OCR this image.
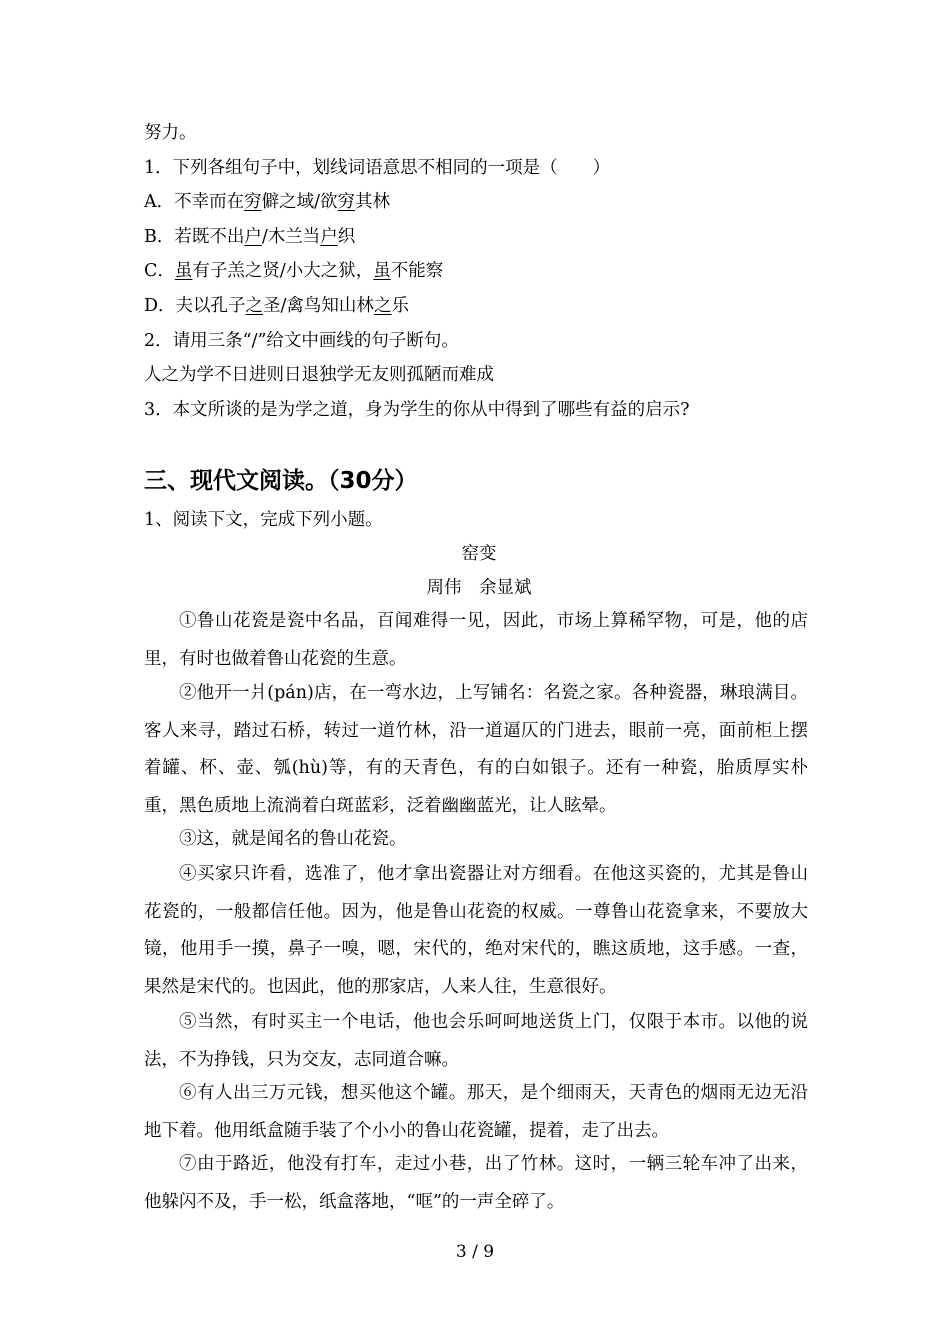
努力。
1．下列各组句子中，划线词语意思不相同的一项是（　　）
A．不幸而在穷僻之域/欲穷其林
B．若既不出户/木兰当户织
C．虽有子羔之贤/小大之狱，虽不能察
D．夫以孔子之圣/禽鸟知山林之乐
2．请用三条“/”给文中画线的句子断句。
人之为学不日进则日退独学无友则孤陋而难成
3．本文所谈的是为学之道，身为学生的你从中得到了哪些有益的启示?
三、现代文阅读。（30分）
1、阅读下文，完成下列小题。
窑变
周伟　余显斌
①鲁山花瓷是瓷中名品，百闻难得一见，因此，市场上算稀罕物，可是，他的店里，有时也做着鲁山花瓷的生意。
②他开一爿(pán)店，在一弯水边，上写铺名：名瓷之家。各种瓷器，琳琅满目。客人来寻，踏过石桥，转过一道竹林，沿一道逼仄的门进去，眼前一亮，面前柜上摆着罐、杯、壶、瓠(hù)等，有的天青色，有的白如银子。还有一种瓷，胎质厚实朴重，黑色质地上流淌着白斑蓝彩，泛着幽幽蓝光，让人眩晕。
③这，就是闻名的鲁山花瓷。
④买家只许看，选准了，他才拿出瓷器让对方细看。在他这买瓷的，尤其是鲁山花瓷的，一般都信任他。因为，他是鲁山花瓷的权威。一尊鲁山花瓷拿来，不要放大镜，他用手一摸，鼻子一嗅，嗯，宋代的，绝对宋代的，瞧这质地，这手感。一查，果然是宋代的。也因此，他的那家店，人来人往，生意很好。
⑤当然，有时买主一个电话，他也会乐呵呵地送货上门，仅限于本市。以他的说法，不为挣钱，只为交友，志同道合嘛。
⑥有人出三万元钱，想买他这个罐。那天，是个细雨天，天青色的烟雨无边无沿地下着。他用纸盒随手装了个小小的鲁山花瓷罐，提着，走了出去。
⑦由于路近，他没有打车，走过小巷，出了竹林。这时，一辆三轮车冲了出来，他躲闪不及，手一松，纸盒落地，“哐”的一声全碎了。
3 / 9
